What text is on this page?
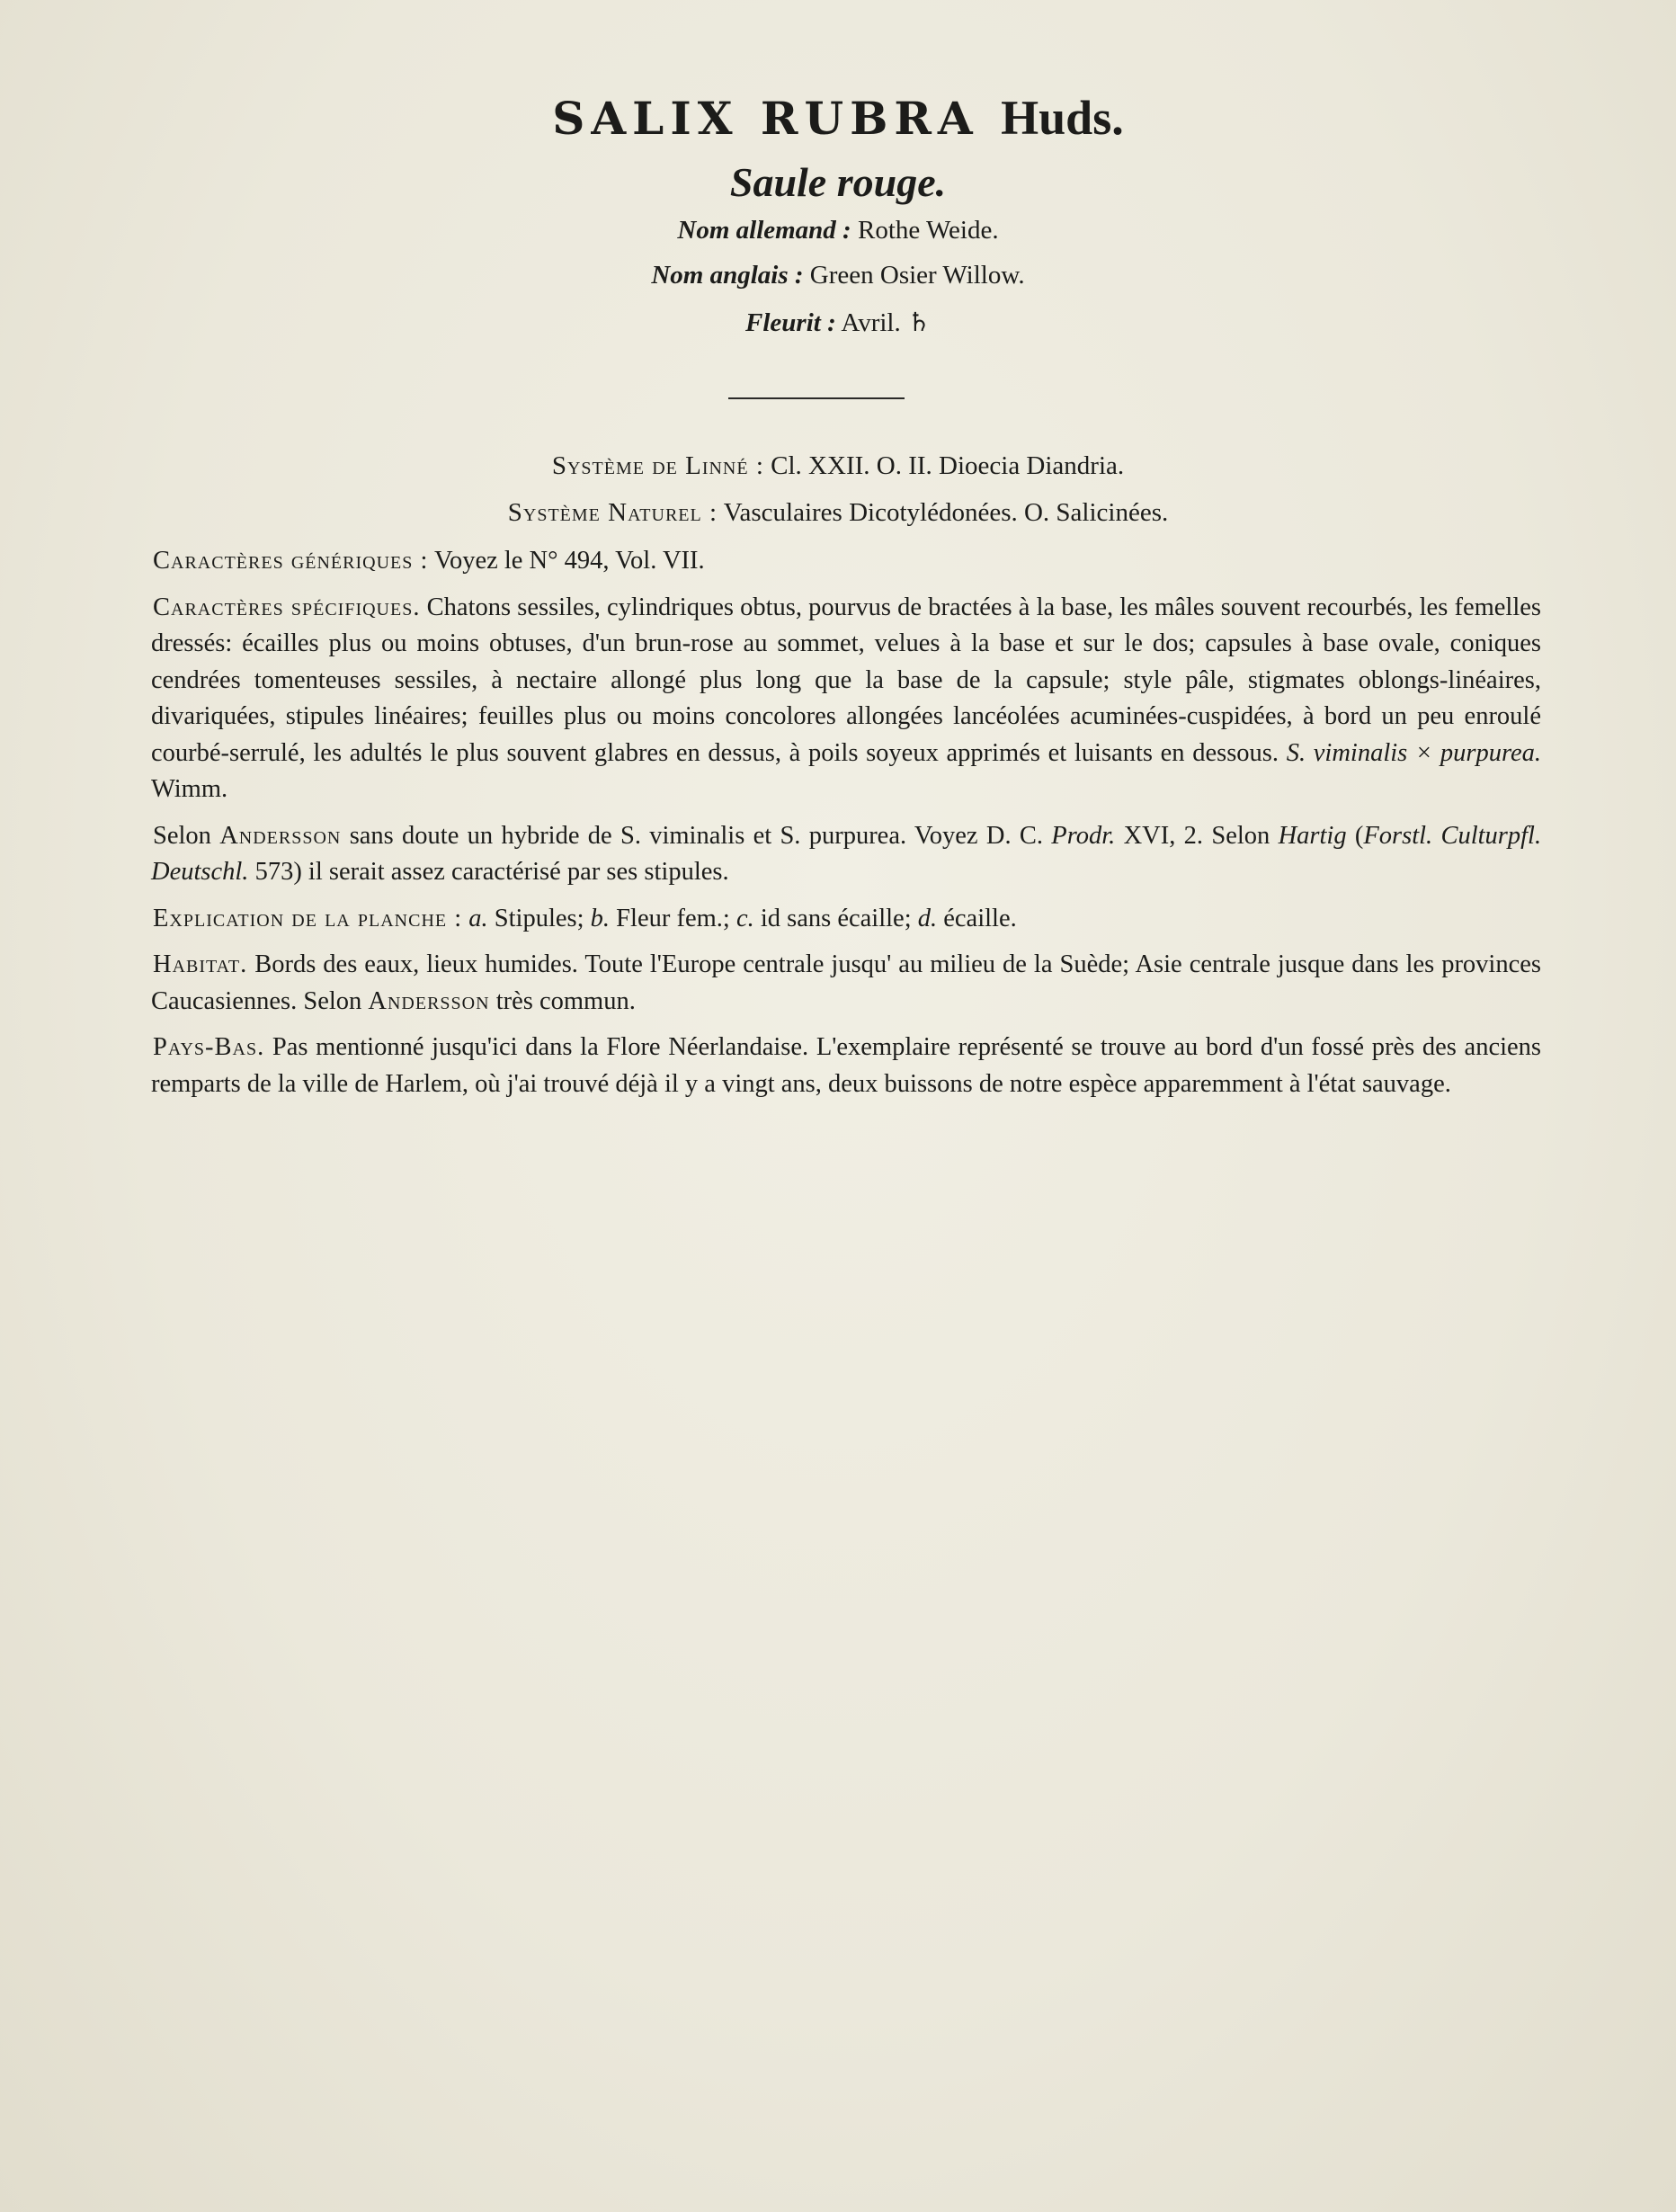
SALIX RUBRA Huds.
Saule rouge.
Nom allemand : Rothe Weide.
Nom anglais : Green Osier Willow.
Fleurit : Avril. ♄
Système de Linné : Cl. XXII. O. II. Dioecia Diandria.
Système Naturel : Vasculaires Dicotylédonées. O. Salicinées.

Caractères génériques : Voyez le N° 494, Vol. VII.

Caractères spécifiques. Chatons sessiles, cylindriques obtus, pourvus de bractées à la base, les mâles souvent recourbés, les femelles dressés: écailles plus ou moins obtuses, d'un brun-rose au sommet, velues à la base et sur le dos; capsules à base ovale, coniques cendrées tomenteuses sessiles, à nectaire allongé plus long que la base de la capsule; style pâle, stigmates oblongs-linéaires, divariquées, stipules linéaires; feuilles plus ou moins concolores allongées lancéolées acuminées-cuspidées, à bord un peu enroulé courbé-serrulé, les adultés le plus souvent glabres en dessus, à poils soyeux apprimés et luisants en dessous. S. viminalis × purpurea. Wimm.

Selon Andersson sans doute un hybride de S. viminalis et S. purpurea. Voyez D. C. Prodr. XVI, 2. Selon Hartig (Forstl. Culturpfl. Deutschl. 573) il serait assez caractérisé par ses stipules.

Explication de la planche : a. Stipules; b. Fleur fem.; c. id sans écaille; d. écaille.

Habitat. Bords des eaux, lieux humides. Toute l'Europe centrale jusqu' au milieu de la Suède; Asie centrale jusque dans les provinces Caucasiennes. Selon Andersson très commun.

Pays-Bas. Pas mentionné jusqu'ici dans la Flore Néerlandaise. L'exemplaire représenté se trouve au bord d'un fossé près des anciens remparts de la ville de Harlem, où j'ai trouvé déjà il y a vingt ans, deux buissons de notre espèce apparemment à l'état sauvage.
